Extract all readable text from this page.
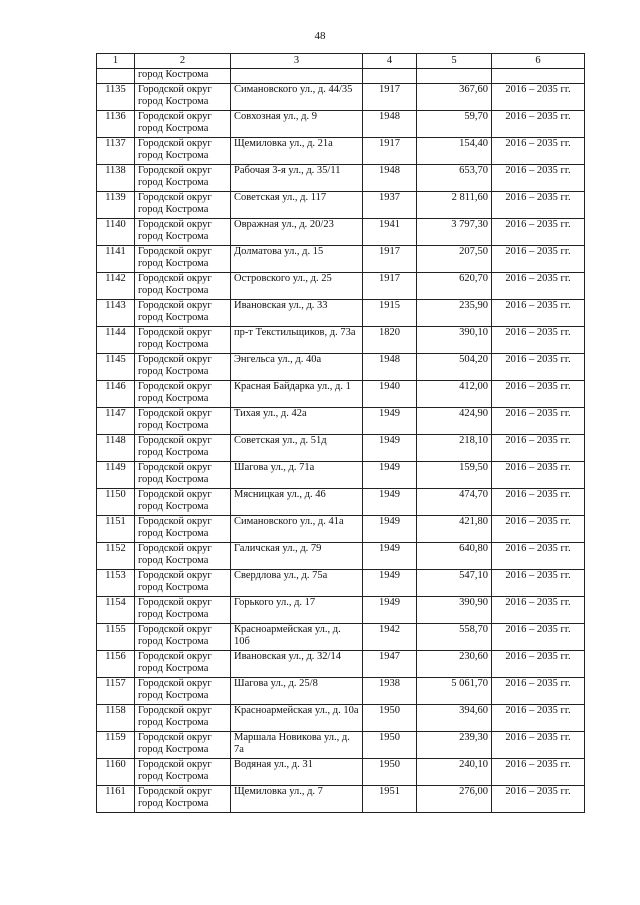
48
1	2	3	4	5	6
	город Кострома				
1135	Городской округ город Кострома	Симановского ул., д. 44/35	1917	367,60	2016 – 2035 гг.
1136	Городской округ город Кострома	Совхозная ул., д. 9	1948	59,70	2016 – 2035 гг.
1137	Городской округ город Кострома	Щемиловка ул., д. 21а	1917	154,40	2016 – 2035 гг.
1138	Городской округ город Кострома	Рабочая 3-я ул., д. 35/11	1948	653,70	2016 – 2035 гг.
1139	Городской округ город Кострома	Советская ул., д. 117	1937	2 811,60	2016 – 2035 гг.
1140	Городской округ город Кострома	Овражная ул., д. 20/23	1941	3 797,30	2016 – 2035 гг.
1141	Городской округ город Кострома	Долматова ул., д. 15	1917	207,50	2016 – 2035 гг.
1142	Городской округ город Кострома	Островского ул., д. 25	1917	620,70	2016 – 2035 гг.
1143	Городской округ город Кострома	Ивановская ул., д. 33	1915	235,90	2016 – 2035 гг.
1144	Городской округ город Кострома	пр-т Текстильщиков, д. 73а	1820	390,10	2016 – 2035 гг.
1145	Городской округ город Кострома	Энгельса ул., д. 40а	1948	504,20	2016 – 2035 гг.
1146	Городской округ город Кострома	Красная Байдарка ул., д. 1	1940	412,00	2016 – 2035 гг.
1147	Городской округ город Кострома	Тихая ул., д. 42а	1949	424,90	2016 – 2035 гг.
1148	Городской округ город Кострома	Советская ул., д. 51д	1949	218,10	2016 – 2035 гг.
1149	Городской округ город Кострома	Шагова ул., д. 71а	1949	159,50	2016 – 2035 гг.
1150	Городской округ город Кострома	Мясницкая ул., д. 46	1949	474,70	2016 – 2035 гг.
1151	Городской округ город Кострома	Симановского ул., д. 41а	1949	421,80	2016 – 2035 гг.
1152	Городской округ город Кострома	Галичская ул., д. 79	1949	640,80	2016 – 2035 гг.
1153	Городской округ город Кострома	Свердлова ул., д. 75а	1949	547,10	2016 – 2035 гг.
1154	Городской округ город Кострома	Горького ул., д. 17	1949	390,90	2016 – 2035 гг.
1155	Городской округ город Кострома	Красноармейская ул., д. 10б	1942	558,70	2016 – 2035 гг.
1156	Городской округ город Кострома	Ивановская ул., д. 32/14	1947	230,60	2016 – 2035 гг.
1157	Городской округ город Кострома	Шагова ул., д. 25/8	1938	5 061,70	2016 – 2035 гг.
1158	Городской округ город Кострома	Красноармейская ул., д. 10а	1950	394,60	2016 – 2035 гг.
1159	Городской округ город Кострома	Маршала Новикова ул., д. 7а	1950	239,30	2016 – 2035 гг.
1160	Городской округ город Кострома	Водяная ул., д. 31	1950	240,10	2016 – 2035 гг.
1161	Городской округ город Кострома	Щемиловка ул., д. 7	1951	276,00	2016 – 2035 гг.
